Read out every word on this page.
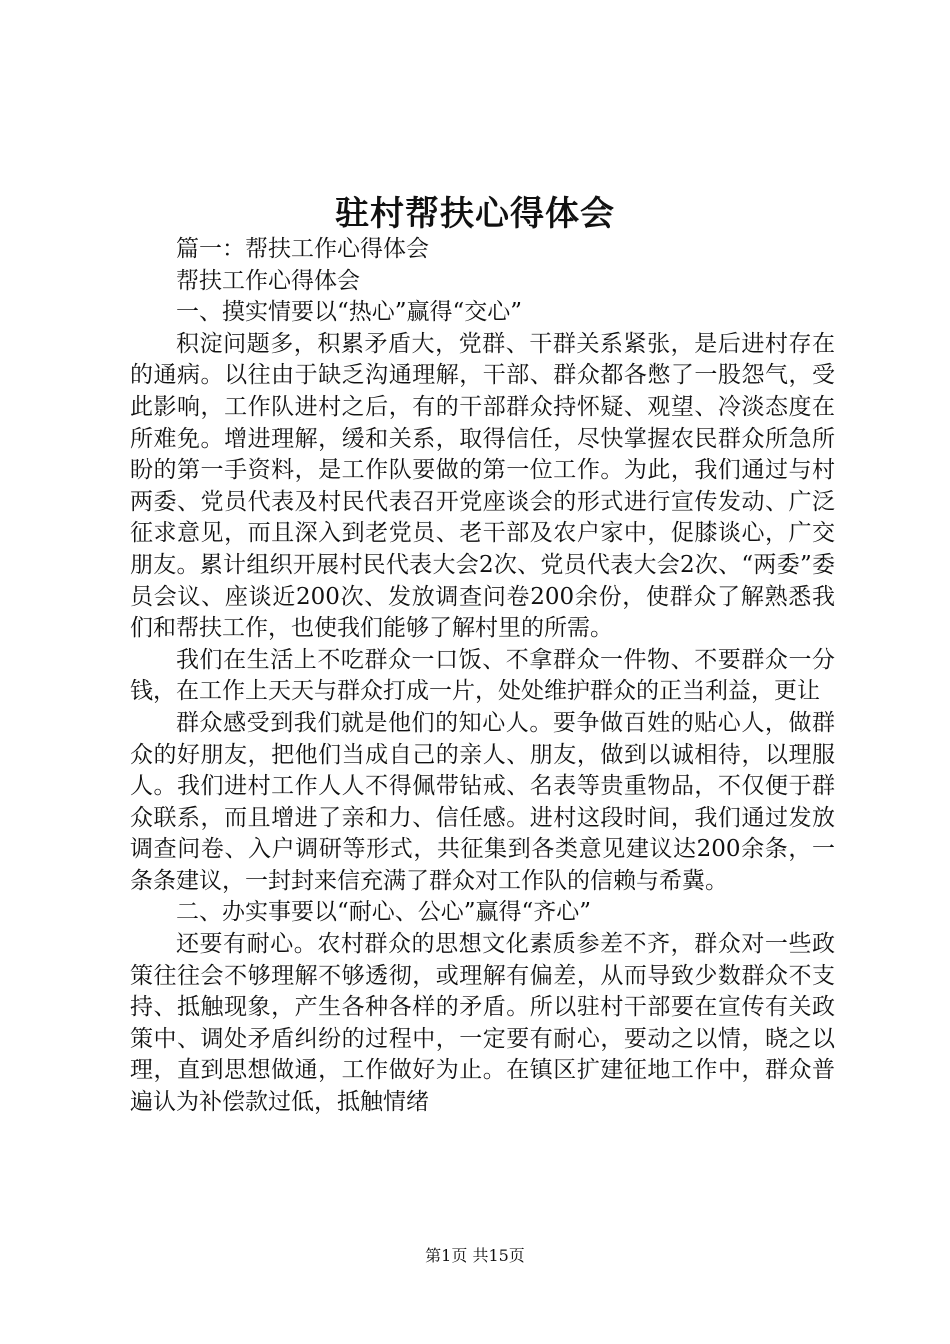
驻村帮扶心得体会

篇一：帮扶工作心得体会

帮扶工作心得体会

一、摸实情要以“热心”赢得“交心”

积淀问题多，积累矛盾大，党群、干群关系紧张，是后进村存在的通病。以往由于缺乏沟通理解，干部、群众都各憋了一股怨气，受此影响，工作队进村之后，有的干部群众持怀疑、观望、冷淡态度在所难免。增进理解，缓和关系，取得信任，尽快掌握农民群众所急所盼的第一手资料，是工作队要做的第一位工作。为此，我们通过与村两委、党员代表及村民代表召开党座谈会的形式进行宣传发动、广泛征求意见，而且深入到老党员、老干部及农户家中，促膝谈心，广交朋友。累计组织开展村民代表大会2次、党员代表大会2次、“两委”委员会议、座谈近200次、发放调查问卷200余份，使群众了解熟悉我们和帮扶工作，也使我们能够了解村里的所需。

我们在生活上不吃群众一口饭、不拿群众一件物、不要群众一分钱，在工作上天天与群众打成一片，处处维护群众的正当利益，更让

群众感受到我们就是他们的知心人。要争做百姓的贴心人，做群众的好朋友，把他们当成自己的亲人、朋友，做到以诚相待，以理服人。我们进村工作人人不得佩带钻戒、名表等贵重物品，不仅便于群众联系，而且增进了亲和力、信任感。进村这段时间，我们通过发放调查问卷、入户调研等形式，共征集到各类意见建议达200余条，一条条建议，一封封来信充满了群众对工作队的信赖与希冀。

二、办实事要以“耐心、公心”赢得“齐心”

还要有耐心。农村群众的思想文化素质参差不齐，群众对一些政策往往会不够理解不够透彻，或理解有偏差，从而导致少数群众不支持、抵触现象，产生各种各样的矛盾。所以驻村干部要在宣传有关政策中、调处矛盾纠纷的过程中，一定要有耐心，要动之以情，晓之以理，直到思想做通，工作做好为止。在镇区扩建征地工作中，群众普遍认为补偿款过低，抵触情绪

第1页 共15页
